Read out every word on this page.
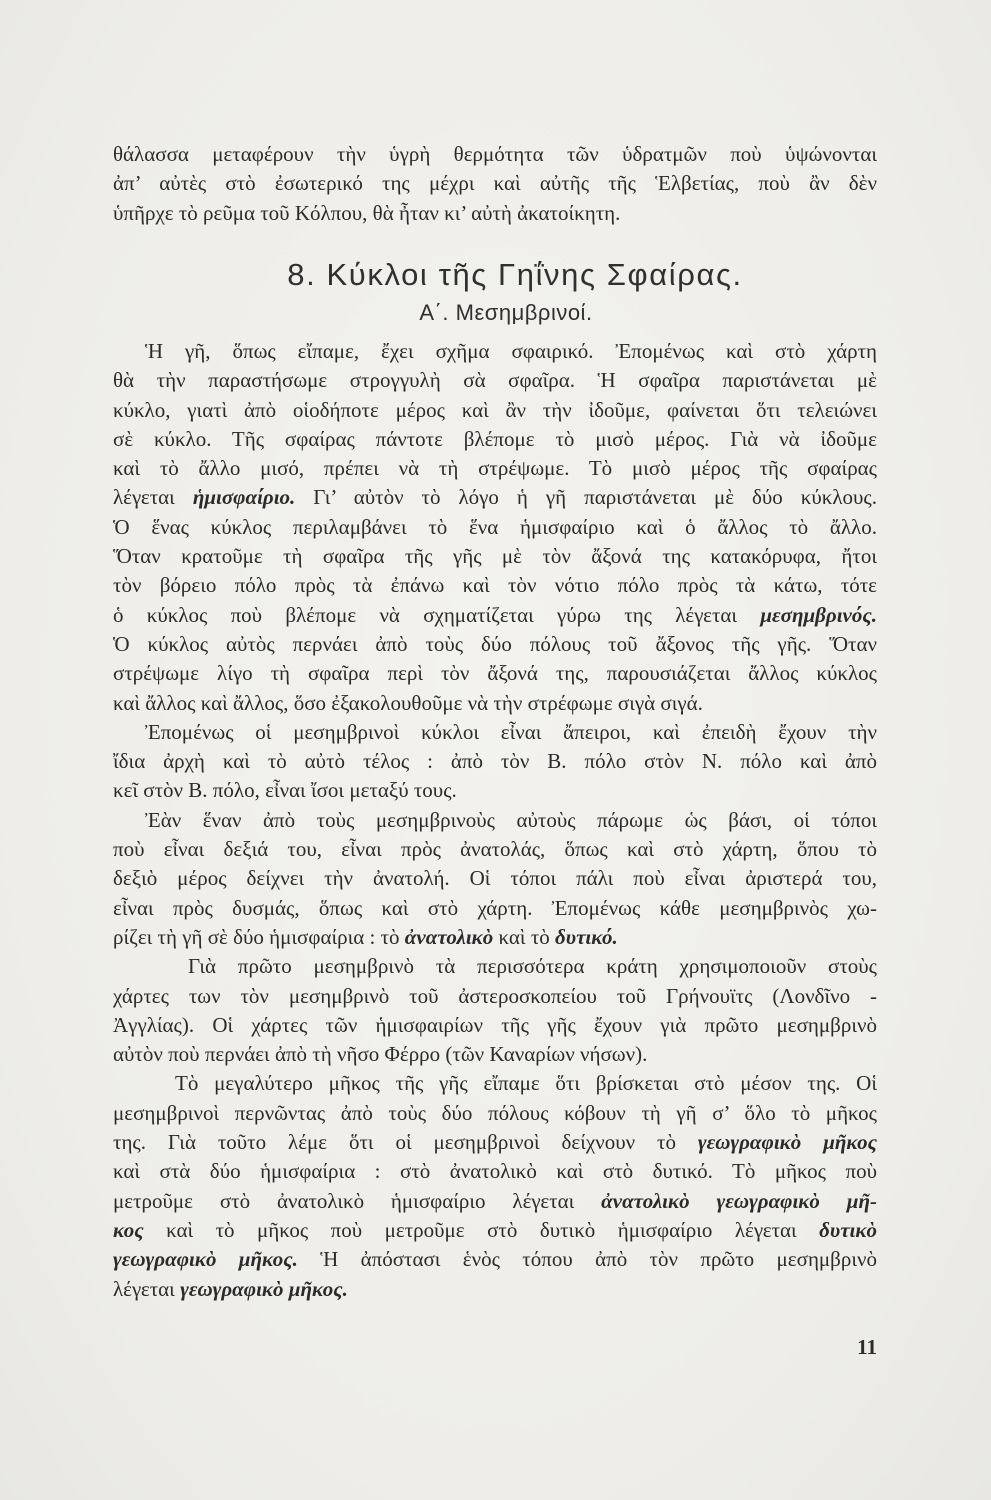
θάλασσα μεταφέρουν τὴν ὑγρὴ θερμότητα τῶν ὑδρατμῶν ποὺ ὑψώνονται
ἀπ’ αὐτὲς στὸ ἐσωτερικό της μέχρι καὶ αὐτῆς τῆς Ἑλβετίας, ποὺ ἂν δὲν
ὑπῆρχε τὸ ρεῦμα τοῦ Κόλπου, θὰ ἦταν κι’ αὐτὴ ἀκατοίκητη.
8. Κύκλοι τῆς Γηΐνης Σφαίρας.
Α΄. Μεσημβρινοί.
Ἡ γῆ, ὅπως εἴπαμε, ἔχει σχῆμα σφαιρικό. Ἐπομένως καὶ στὸ χάρτη
θὰ τὴν παραστήσωμε στρογγυλὴ σὰ σφαῖρα. Ἡ σφαῖρα παριστάνεται μὲ
κύκλο, γιατὶ ἀπὸ οἱοδήποτε μέρος καὶ ἂν τὴν ἰδοῦμε, φαίνεται ὅτι τελειώνει
σὲ κύκλο. Τῆς σφαίρας πάντοτε βλέπομε τὸ μισὸ μέρος. Γιὰ νὰ ἰδοῦμε
καὶ τὸ ἄλλο μισό, πρέπει νὰ τὴ στρέψωμε. Τὸ μισὸ μέρος τῆς σφαίρας
λέγεται ἡμισφαίριο. Γι’ αὐτὸν τὸ λόγο ἡ γῆ παριστάνεται μὲ δύο κύκλους.
Ὁ ἕνας κύκλος περιλαμβάνει τὸ ἕνα ἡμισφαίριο καὶ ὁ ἄλλος τὸ ἄλλο.
Ὅταν κρατοῦμε τὴ σφαῖρα τῆς γῆς μὲ τὸν ἄξονά της κατακόρυφα, ἤτοι
τὸν βόρειο πόλο πρὸς τὰ ἐπάνω καὶ τὸν νότιο πόλο πρὸς τὰ κάτω, τότε
ὁ κύκλος ποὺ βλέπομε νὰ σχηματίζεται γύρω της λέγεται μεσημβρινός.
Ὁ κύκλος αὐτὸς περνάει ἀπὸ τοὺς δύο πόλους τοῦ ἄξονος τῆς γῆς. Ὅταν
στρέψωμε λίγο τὴ σφαῖρα περὶ τὸν ἄξονά της, παρουσιάζεται ἄλλος κύκλος
καὶ ἄλλος καὶ ἄλλος, ὅσο ἐξακολουθοῦμε νὰ τὴν στρέφωμε σιγὰ σιγά.
Ἐπομένως οἱ μεσημβρινοὶ κύκλοι εἶναι ἄπειροι, καὶ ἐπειδὴ ἔχουν τὴν
ἴδια ἀρχὴ καὶ τὸ αὐτὸ τέλος : ἀπὸ τὸν Β. πόλο στὸν Ν. πόλο καὶ ἀπὸ
κεῖ στὸν Β. πόλο, εἶναι ἴσοι μεταξύ τους.
Ἐὰν ἕναν ἀπὸ τοὺς μεσημβρινοὺς αὐτοὺς πάρωμε ὡς βάσι, οἱ τόποι
ποὺ εἶναι δεξιά του, εἶναι πρὸς ἀνατολάς, ὅπως καὶ στὸ χάρτη, ὅπου τὸ
δεξιὸ μέρος δείχνει τὴν ἀνατολή. Οἱ τόποι πάλι ποὺ εἶναι ἀριστερά του,
εἶναι πρὸς δυσμάς, ὅπως καὶ στὸ χάρτη. Ἐπομένως κάθε μεσημβρινὸς χω-
ρίζει τὴ γῆ σὲ δύο ἡμισφαίρια : τὸ ἀνατολικὸ καὶ τὸ δυτικό.
Γιὰ πρῶτο μεσημβρινὸ τὰ περισσότερα κράτη χρησιμοποιοῦν στοὺς
χάρτες των τὸν μεσημβρινὸ τοῦ ἀστεροσκοπείου τοῦ Γρήνουϊτς (Λονδῖνο -
Ἀγγλίας). Οἱ χάρτες τῶν ἡμισφαιρίων τῆς γῆς ἔχουν γιὰ πρῶτο μεσημβρινὸ
αὐτὸν ποὺ περνάει ἀπὸ τὴ νῆσο Φέρρο (τῶν Καναρίων νήσων).
Τὸ μεγαλύτερο μῆκος τῆς γῆς εἴπαμε ὅτι βρίσκεται στὸ μέσον της. Οἱ
μεσημβρινοὶ περνῶντας ἀπὸ τοὺς δύο πόλους κόβουν τὴ γῆ σ’ ὅλο τὸ μῆκος
της. Γιὰ τοῦτο λέμε ὅτι οἱ μεσημβρινοὶ δείχνουν τὸ γεωγραφικὸ μῆκος
καὶ στὰ δύο ἡμισφαίρια : στὸ ἀνατολικὸ καὶ στὸ δυτικό. Τὸ μῆκος ποὺ
μετροῦμε στὸ ἀνατολικὸ ἡμισφαίριο λέγεται ἀνατολικὸ γεωγραφικὸ μῆ-
κος καὶ τὸ μῆκος ποὺ μετροῦμε στὸ δυτικὸ ἡμισφαίριο λέγεται δυτικὸ
γεωγραφικὸ μῆκος. Ἡ ἀπόστασι ἑνὸς τόπου ἀπὸ τὸν πρῶτο μεσημβρινὸ
λέγεται γεωγραφικὸ μῆκος.
11
